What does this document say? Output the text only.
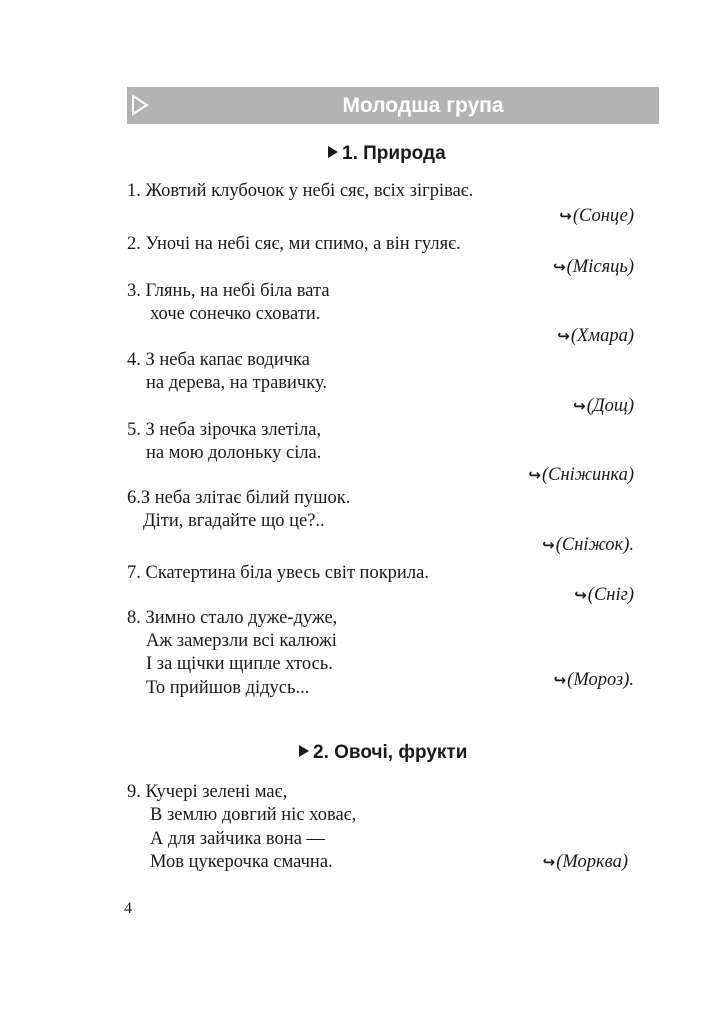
Молодша група
1. Природа
1. Жовтий клубочок у небі сяє, всіх зігріває.
↪(Сонце)
2. Уночі на небі сяє, ми спимо, а він гуляє.
↪(Місяць)
3. Глянь, на небі біла вата
хоче сонечко сховати.
↪(Хмара)
4. З неба капає водичка
на дерева, на травичку.
↪(Дощ)
5. З неба зірочка злетіла,
на мою долоньку сіла.
↪(Сніжинка)
6.З неба злітає білий пушок.
Діти, вгадайте що це?..
↪(Сніжок).
7. Скатертина біла увесь світ покрила.
↪(Сніг)
8. Зимно стало дуже-дуже,
Аж замерзли всі калюжі
І за щічки щипле хтось.
То прийшов дідусь...	↪(Мороз).
2. Овочі, фрукти
9. Кучері зелені має,
В землю довгий ніс ховає,
А для зайчика вона —
Мов цукерочка смачна.	↪(Морква)
4
